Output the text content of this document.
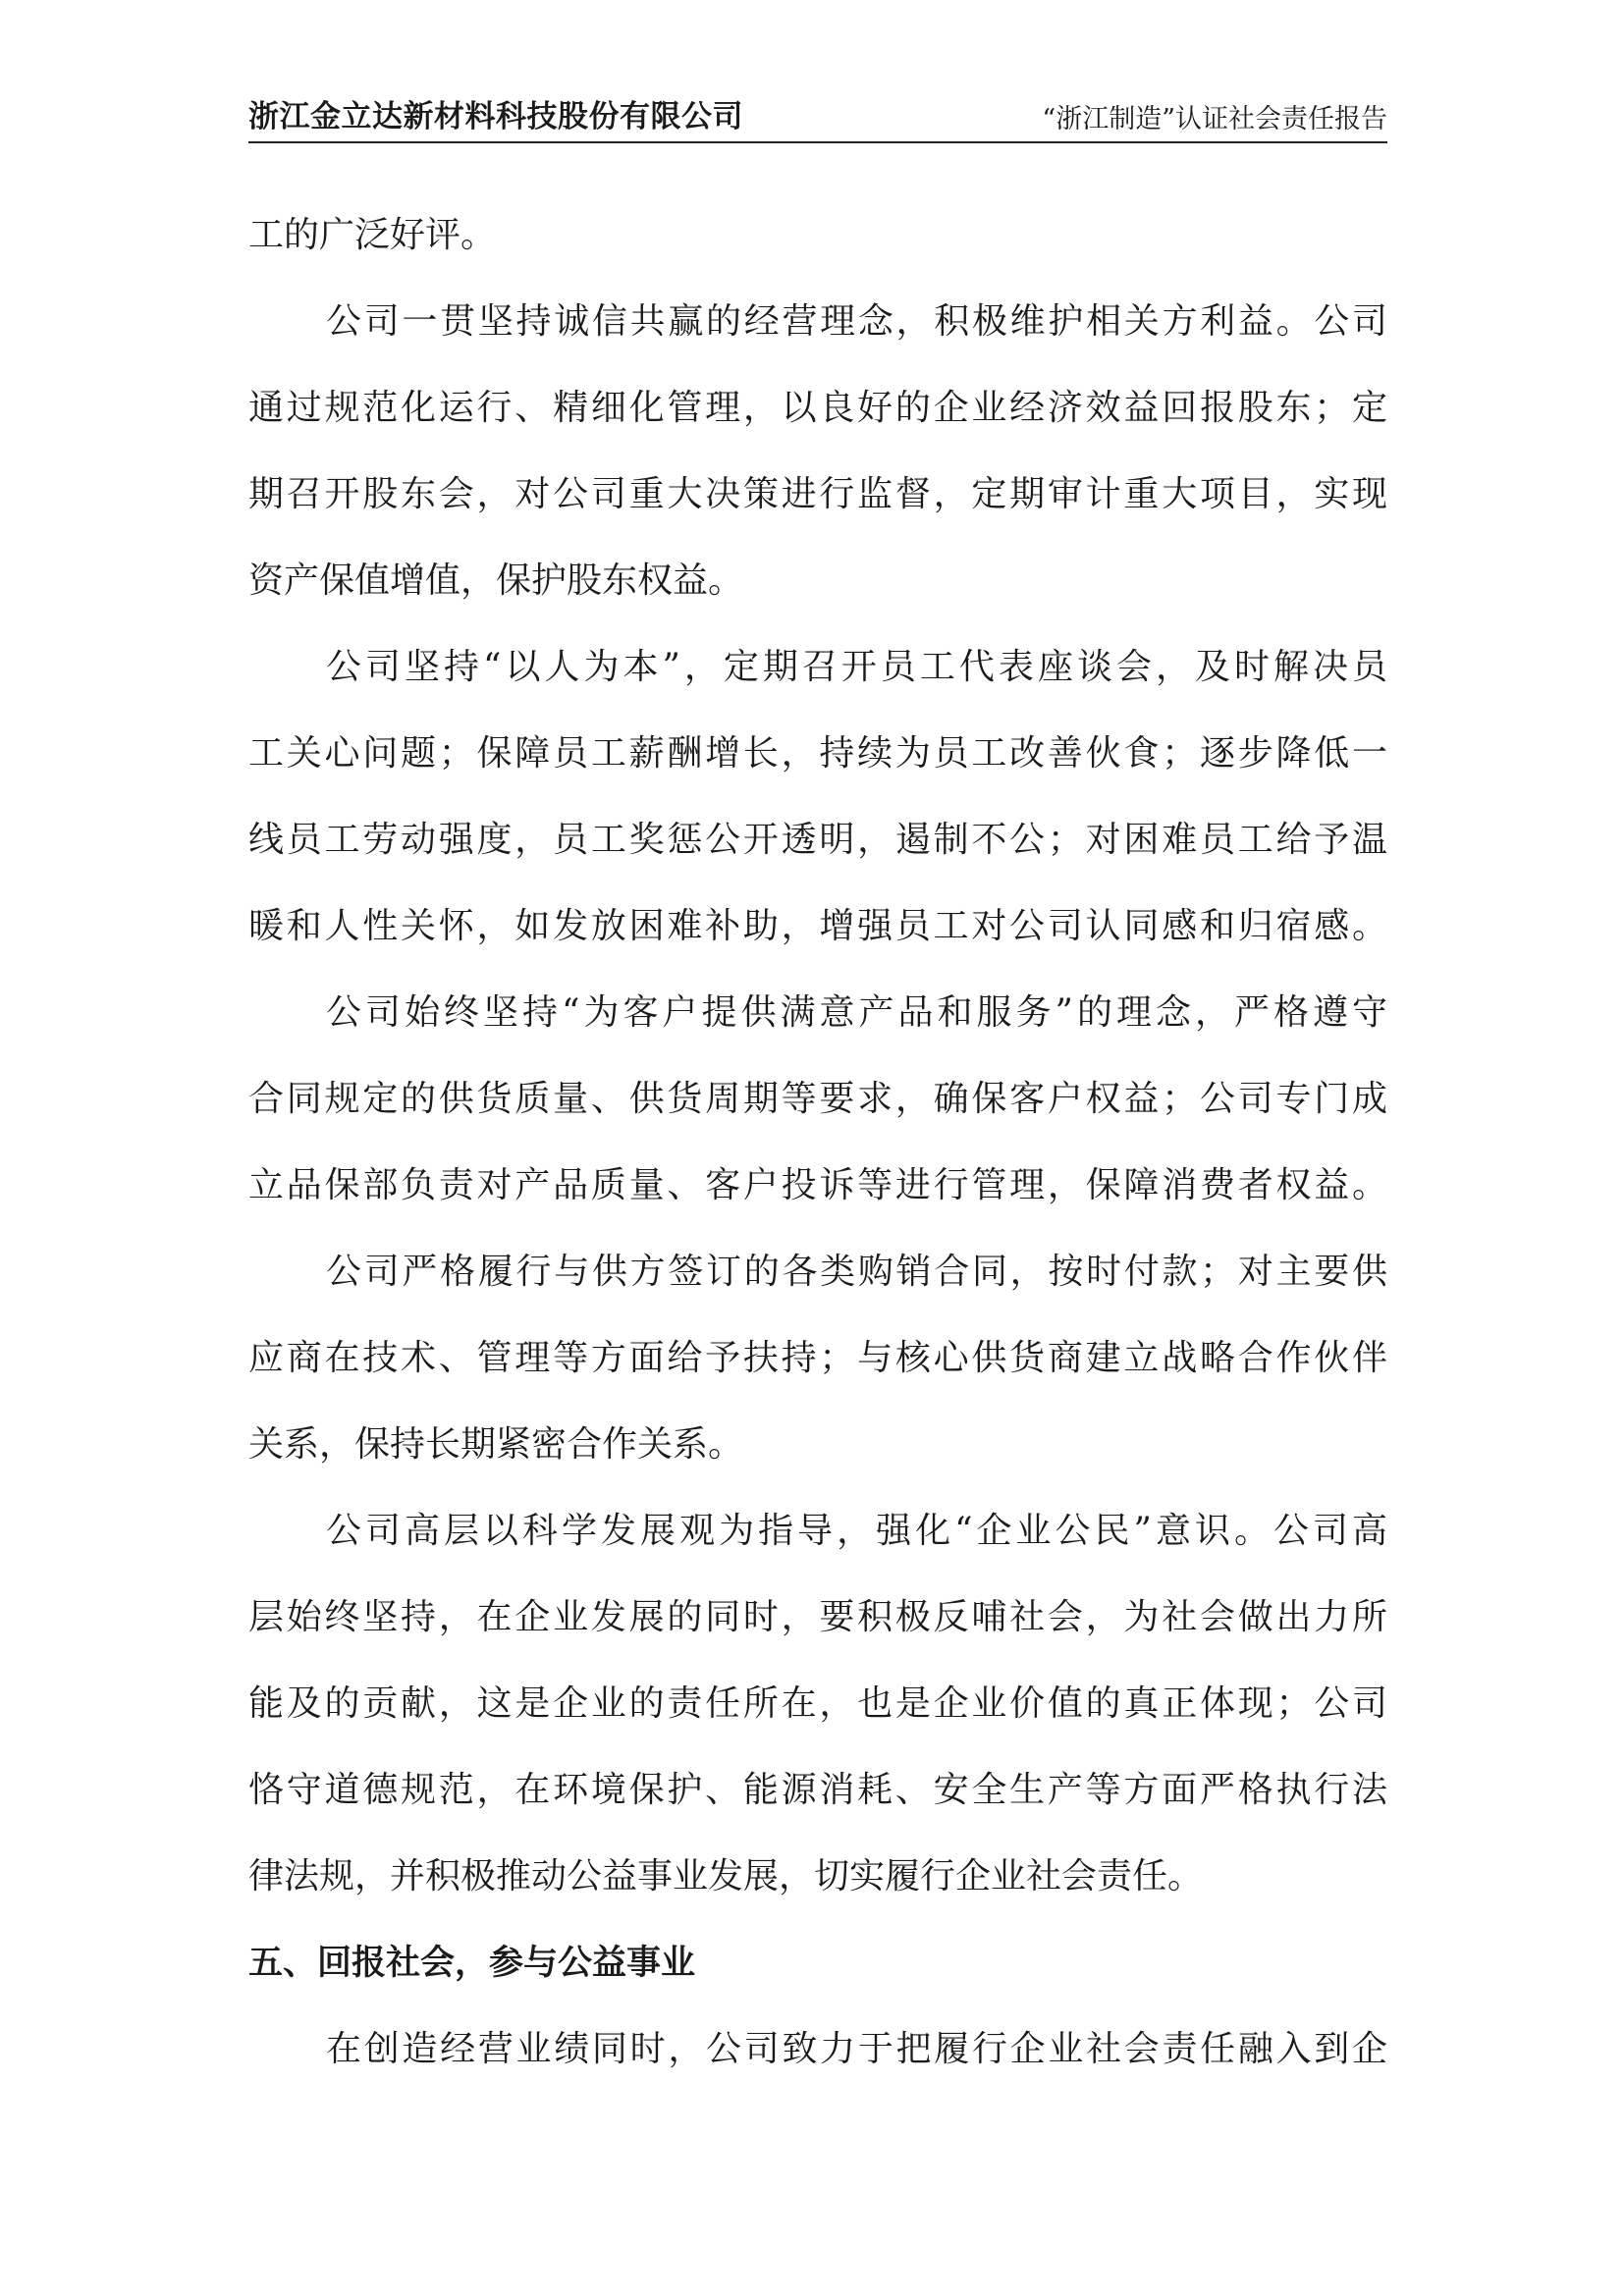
浙江金立达新材料科技股份有限公司	“浙江制造”认证社会责任报告
工的广泛好评。
公司一贯坚持诚信共赢的经营理念，积极维护相关方利益。公司
通过规范化运行、精细化管理，以良好的企业经济效益回报股东；定
期召开股东会，对公司重大决策进行监督，定期审计重大项目，实现
资产保值增值，保护股东权益。
公司坚持“以人为本”，定期召开员工代表座谈会，及时解决员
工关心问题；保障员工薪酬增长，持续为员工改善伙食；逐步降低一
线员工劳动强度，员工奖惩公开透明，遏制不公；对困难员工给予温
暖和人性关怀，如发放困难补助，增强员工对公司认同感和归宿感。
公司始终坚持“为客户提供满意产品和服务”的理念，严格遵守
合同规定的供货质量、供货周期等要求，确保客户权益；公司专门成
立品保部负责对产品质量、客户投诉等进行管理，保障消费者权益。
公司严格履行与供方签订的各类购销合同，按时付款；对主要供
应商在技术、管理等方面给予扶持；与核心供货商建立战略合作伙伴
关系，保持长期紧密合作关系。
公司高层以科学发展观为指导，强化“企业公民”意识。公司高
层始终坚持，在企业发展的同时，要积极反哺社会，为社会做出力所
能及的贡献，这是企业的责任所在，也是企业价值的真正体现；公司
恪守道德规范，在环境保护、能源消耗、安全生产等方面严格执行法
律法规，并积极推动公益事业发展，切实履行企业社会责任。
五、回报社会，参与公益事业
在创造经营业绩同时，公司致力于把履行企业社会责任融入到企
